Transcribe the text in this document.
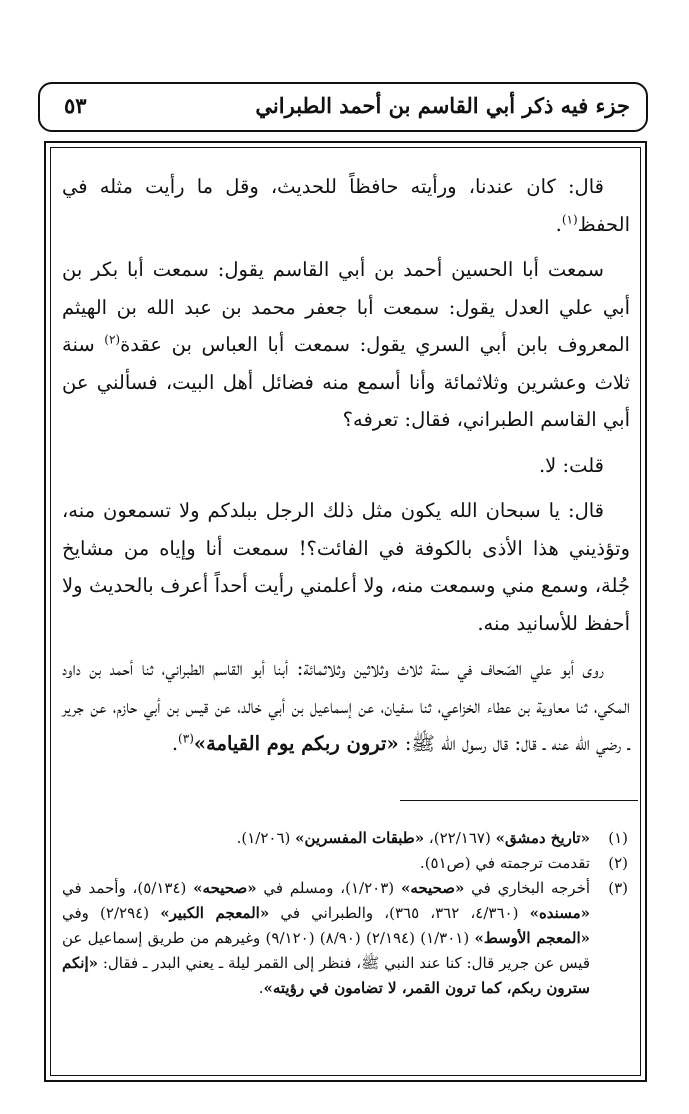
جزء فيه ذكر أبي القاسم بن أحمد الطبراني
٥٣

قال: كان عندنا، ورأيته حافظاً للحديث، وقل ما رأيت مثله في الحفظ$^{(١)}$.

سمعت أبا الحسين أحمد بن أبي القاسم يقول: سمعت أبا بكر بن أبي علي العدل يقول: سمعت أبا جعفر محمد بن عبد الله بن الهيثم المعروف بابن أبي السري يقول: سمعت أبا العباس بن عقدة$^{(٢)}$ سنة ثلاث وعشرين وثلاثمائة وأنا أسمع منه فضائل أهل البيت، فسألني عن أبي القاسم الطبراني، فقال: تعرفه؟

قلت: لا.

قال: يا سبحان الله يكون مثل ذلك الرجل ببلدكم ولا تسمعون منه، وتؤذيني هذا الأذى بالكوفة في الفائت؟! سمعت أنا وإياه من مشايخ جُلة، وسمع مني وسمعت منه، ولا أعلمني رأيت أحداً أعرف بالحديث ولا أحفظ للأسانيد منه.

روى أبو علي الصّحاف في سنة ثلاث وثلاثين وثلاثمائة: أبنا أبو القاسم الطبراني، ثنا أحمد بن داود المكي، ثنا معاوية بن عطاء الخزاعي، ثنا سفيان، عن إسماعيل بن أبي خالد، عن قيس بن أبي حازم، عن جرير ـ رضي الله عنه ـ قال: قال رسول الله ﷺ: «ترون ربكم يوم القيامة»$^{(٣)}$.

(١)
«تاريخ دمشق» (٢٢/١٦٧)، «طبقات المفسرين» (١/٢٠٦).
(٢)
تقدمت ترجمته في (ص٥١).
(٣)
أخرجه البخاري في «صحيحه» (١/٢٠٣)، ومسلم في «صحيحه» (٥/١٣٤)، وأحمد في «مسنده» (٤/٣٦٠، ٣٦٢، ٣٦٥)، والطبراني في «المعجم الكبير» (٢/٢٩٤) وفي «المعجم الأوسط» (١/٣٠١) (٢/١٩٤) (٨/٩٠) (٩/١٢٠) وغيرهم من طريق إسماعيل عن قيس عن جرير قال: كنا عند النبي ﷺ، فنظر إلى القمر ليلة ـ يعني البدر ـ فقال: «إنكم سترون ربكم، كما ترون القمر، لا تضامون في رؤيته».
